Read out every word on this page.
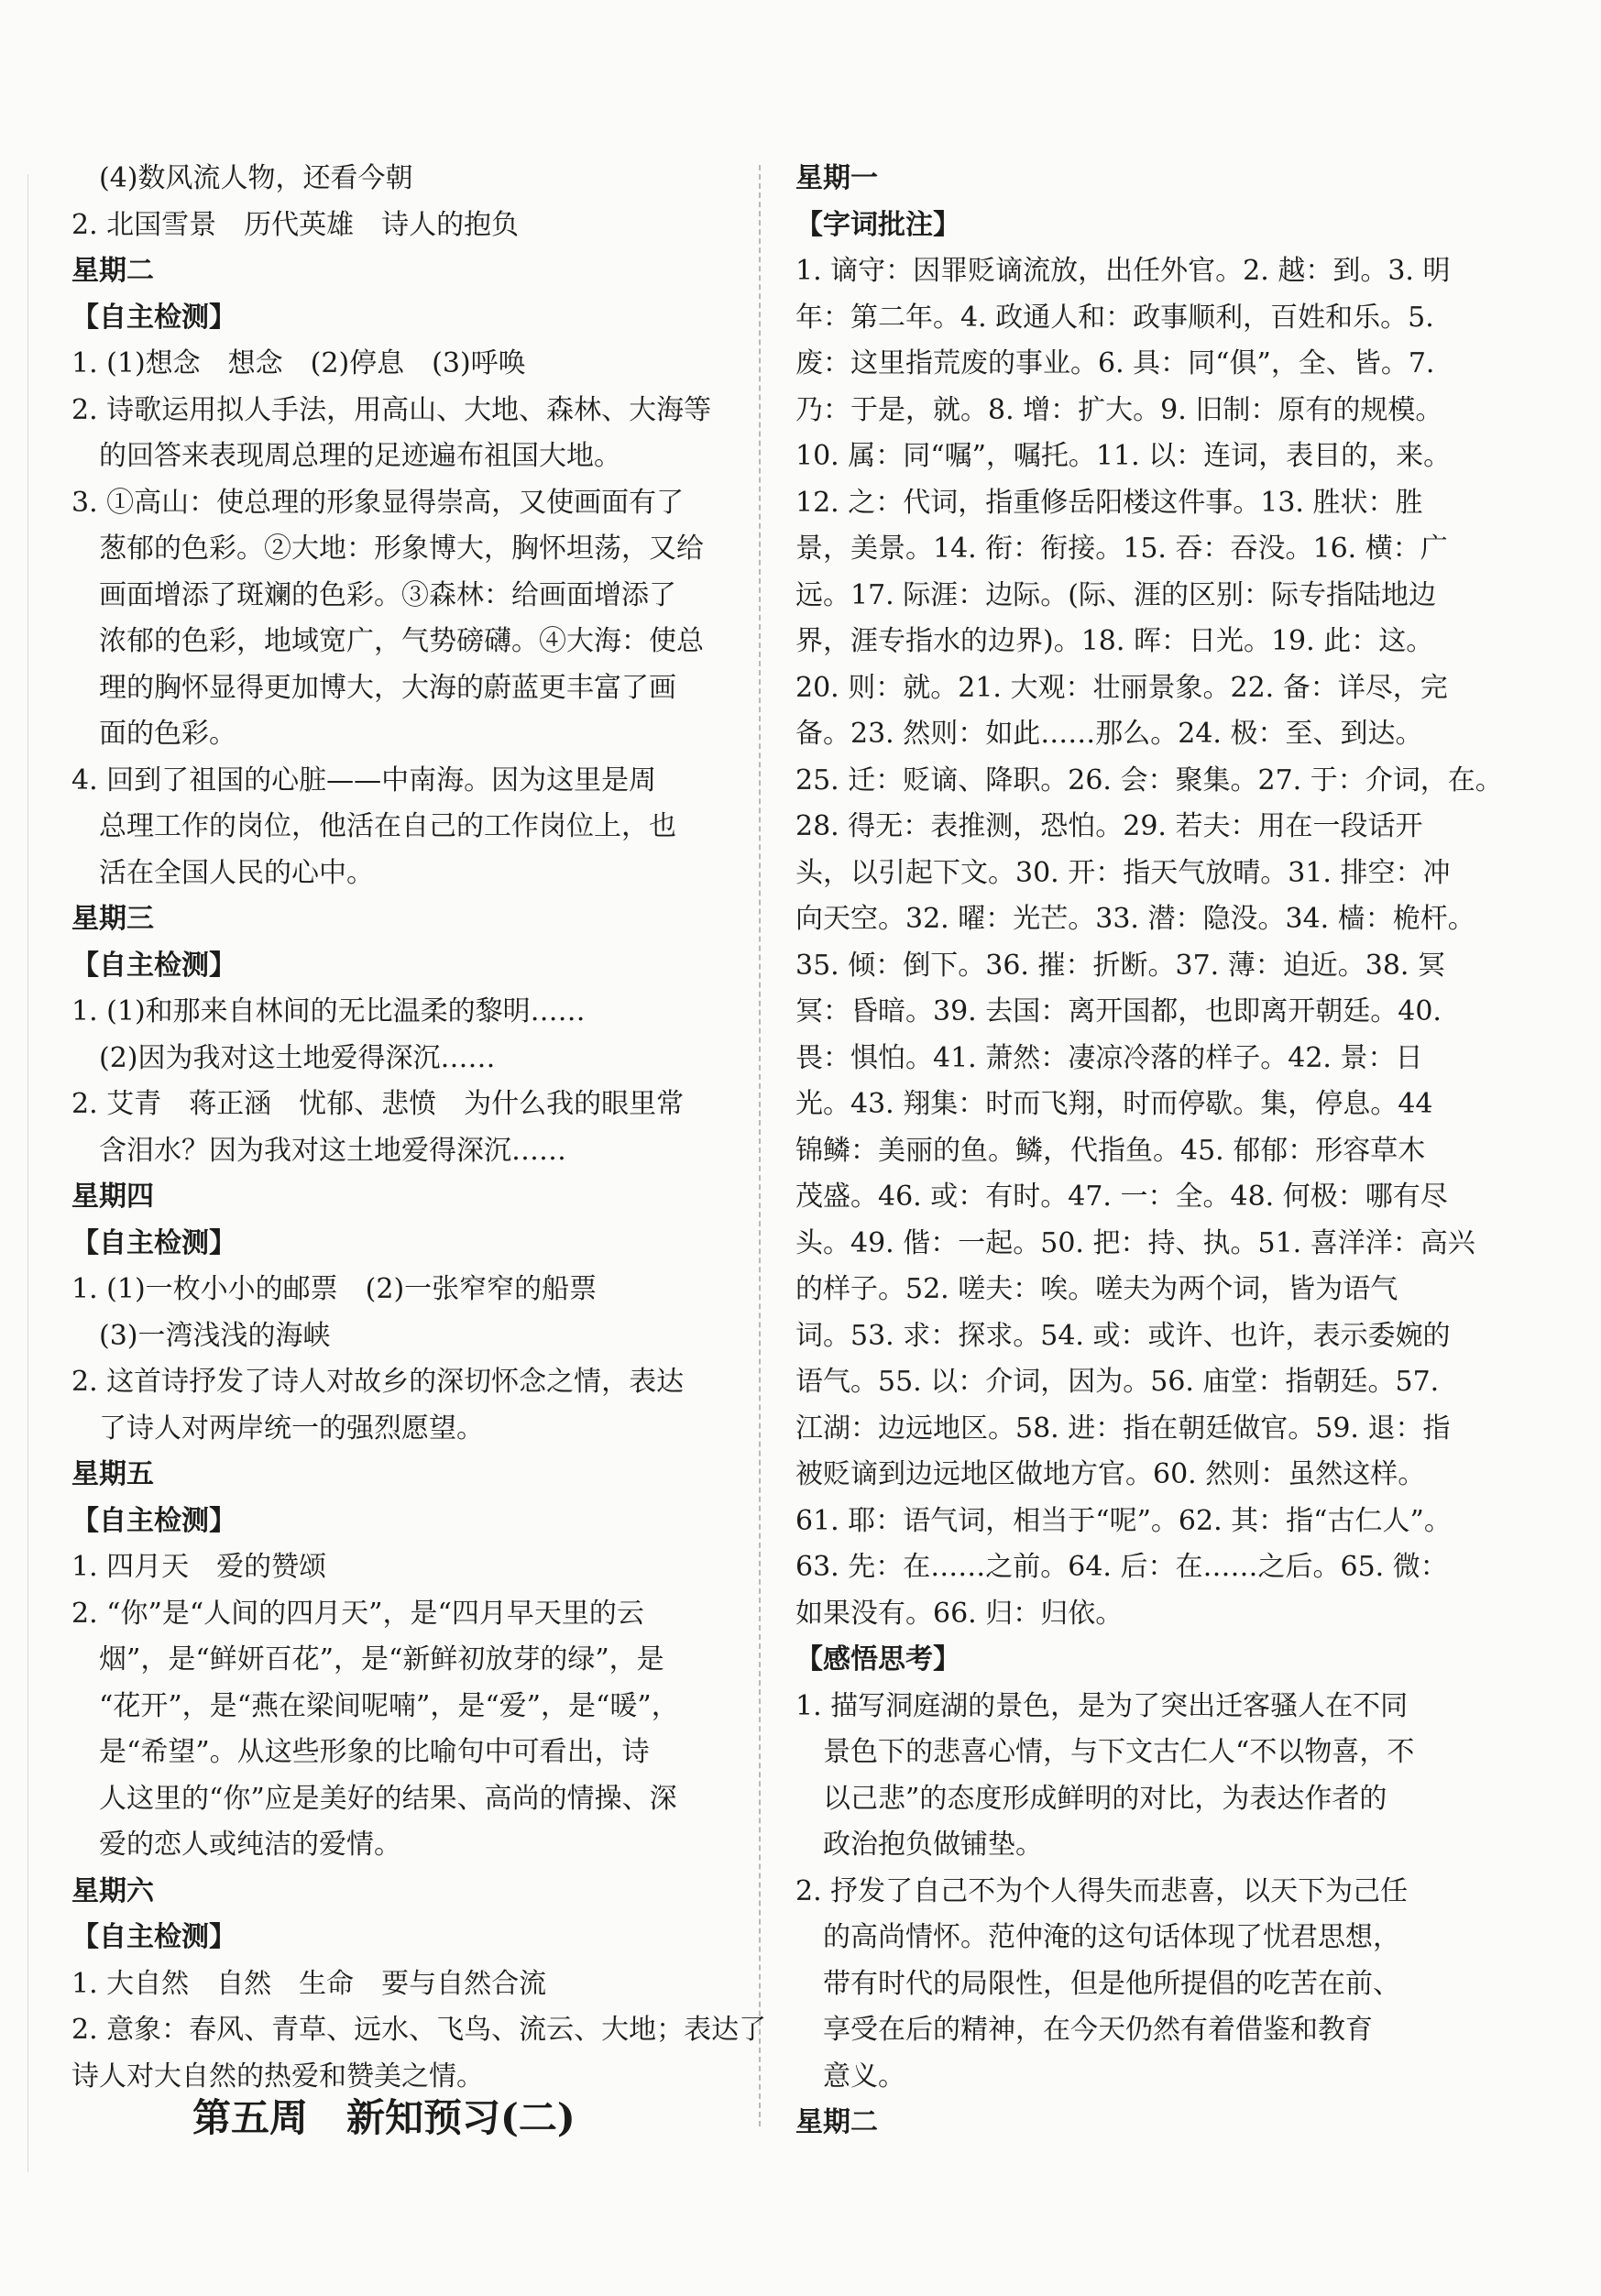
(4)数风流人物，还看今朝
2. 北国雪景　历代英雄　诗人的抱负
星期二
【自主检测】
1. (1)想念　想念　(2)停息　(3)呼唤
2. 诗歌运用拟人手法，用高山、大地、森林、大海等
的回答来表现周总理的足迹遍布祖国大地。
3. ①高山：使总理的形象显得崇高，又使画面有了
葱郁的色彩。②大地：形象博大，胸怀坦荡，又给
画面增添了斑斓的色彩。③森林：给画面增添了
浓郁的色彩，地域宽广，气势磅礴。④大海：使总
理的胸怀显得更加博大，大海的蔚蓝更丰富了画
面的色彩。
4. 回到了祖国的心脏——中南海。因为这里是周
总理工作的岗位，他活在自己的工作岗位上，也
活在全国人民的心中。
星期三
【自主检测】
1. (1)和那来自林间的无比温柔的黎明……
(2)因为我对这土地爱得深沉……
2. 艾青　蒋正涵　忧郁、悲愤　为什么我的眼里常
含泪水？因为我对这土地爱得深沉……
星期四
【自主检测】
1. (1)一枚小小的邮票　(2)一张窄窄的船票
(3)一湾浅浅的海峡
2. 这首诗抒发了诗人对故乡的深切怀念之情，表达
了诗人对两岸统一的强烈愿望。
星期五
【自主检测】
1. 四月天　爱的赞颂
2. “你”是“人间的四月天”，是“四月早天里的云
烟”，是“鲜妍百花”，是“新鲜初放芽的绿”，是
“花开”，是“燕在梁间呢喃”，是“爱”，是“暖”，
是“希望”。从这些形象的比喻句中可看出，诗
人这里的“你”应是美好的结果、高尚的情操、深
爱的恋人或纯洁的爱情。
星期六
【自主检测】
1. 大自然　自然　生命　要与自然合流
2. 意象：春风、青草、远水、飞鸟、流云、大地；表达了
诗人对大自然的热爱和赞美之情。
星期一
【字词批注】
1. 谪守：因罪贬谪流放，出任外官。2. 越：到。3. 明
年：第二年。4. 政通人和：政事顺利，百姓和乐。5.
废：这里指荒废的事业。6. 具：同“俱”，全、皆。7.
乃：于是，就。8. 增：扩大。9. 旧制：原有的规模。
10. 属：同“嘱”，嘱托。11. 以：连词，表目的，来。
12. 之：代词，指重修岳阳楼这件事。13. 胜状：胜
景，美景。14. 衔：衔接。15. 吞：吞没。16. 横：广
远。17. 际涯：边际。(际、涯的区别：际专指陆地边
界，涯专指水的边界)。18. 晖：日光。19. 此：这。
20. 则：就。21. 大观：壮丽景象。22. 备：详尽，完
备。23. 然则：如此……那么。24. 极：至、到达。
25. 迁：贬谪、降职。26. 会：聚集。27. 于：介词，在。
28. 得无：表推测，恐怕。29. 若夫：用在一段话开
头，以引起下文。30. 开：指天气放晴。31. 排空：冲
向天空。32. 曜：光芒。33. 潜：隐没。34. 樯：桅杆。
35. 倾：倒下。36. 摧：折断。37. 薄：迫近。38. 冥
冥：昏暗。39. 去国：离开国都，也即离开朝廷。40.
畏：惧怕。41. 萧然：凄凉冷落的样子。42. 景：日
光。43. 翔集：时而飞翔，时而停歇。集，停息。44
锦鳞：美丽的鱼。鳞，代指鱼。45. 郁郁：形容草木
茂盛。46. 或：有时。47. 一：全。48. 何极：哪有尽
头。49. 偕：一起。50. 把：持、执。51. 喜洋洋：高兴
的样子。52. 嗟夫：唉。嗟夫为两个词，皆为语气
词。53. 求：探求。54. 或：或许、也许，表示委婉的
语气。55. 以：介词，因为。56. 庙堂：指朝廷。57.
江湖：边远地区。58. 进：指在朝廷做官。59. 退：指
被贬谪到边远地区做地方官。60. 然则：虽然这样。
61. 耶：语气词，相当于“呢”。62. 其：指“古仁人”。
63. 先：在……之前。64. 后：在……之后。65. 微：
如果没有。66. 归：归依。
【感悟思考】
1. 描写洞庭湖的景色，是为了突出迁客骚人在不同
景色下的悲喜心情，与下文古仁人“不以物喜，不
以己悲”的态度形成鲜明的对比，为表达作者的
政治抱负做铺垫。
2. 抒发了自己不为个人得失而悲喜，以天下为己任
的高尚情怀。范仲淹的这句话体现了忧君思想，
带有时代的局限性，但是他所提倡的吃苦在前、
享受在后的精神，在今天仍然有着借鉴和教育
意义。
星期二
第五周　新知预习(二)
